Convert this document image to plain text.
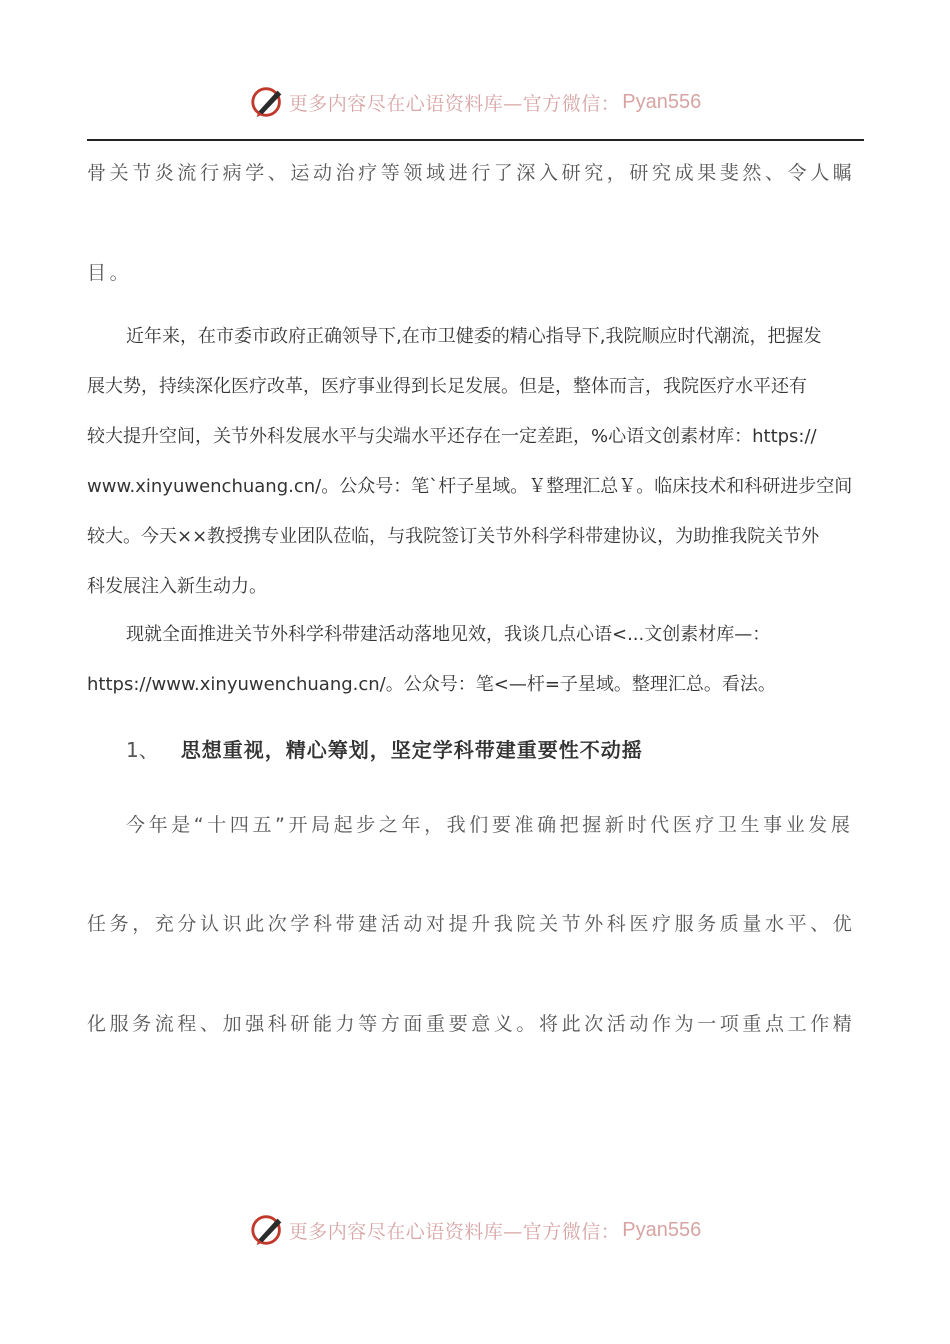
更多内容尽在心语资料库—官方微信： Pyan556
骨关节炎流行病学、运动治疗等领域进行了深入研究，研究成果斐然、令人瞩
目。
近年来，在市委市政府正确领导下,在市卫健委的精心指导下,我院顺应时代潮流，把握发
展大势，持续深化医疗改革，医疗事业得到长足发展。但是，整体而言，我院医疗水平还有
较大提升空间，关节外科发展水平与尖端水平还存在一定差距，%心语文创素材库：https://
www.xinyuwenchuang.cn/。公众号：笔`杆子星域。￥整理汇总￥。临床技术和科研进步空间
较大。今天××教授携专业团队莅临，与我院签订关节外科学科带建协议，为助推我院关节外
科发展注入新生动力。
现就全面推进关节外科学科带建活动落地见效，我谈几点心语<...文创素材库—：
https://www.xinyuwenchuang.cn/。公众号：笔<—杆=子星域。整理汇总。看法。
1、 思想重视，精心筹划，坚定学科带建重要性不动摇
今年是“十四五”开局起步之年，我们要准确把握新时代医疗卫生事业发展
任务，充分认识此次学科带建活动对提升我院关节外科医疗服务质量水平、优
化服务流程、加强科研能力等方面重要意义。将此次活动作为一项重点工作精
更多内容尽在心语资料库—官方微信： Pyan556
